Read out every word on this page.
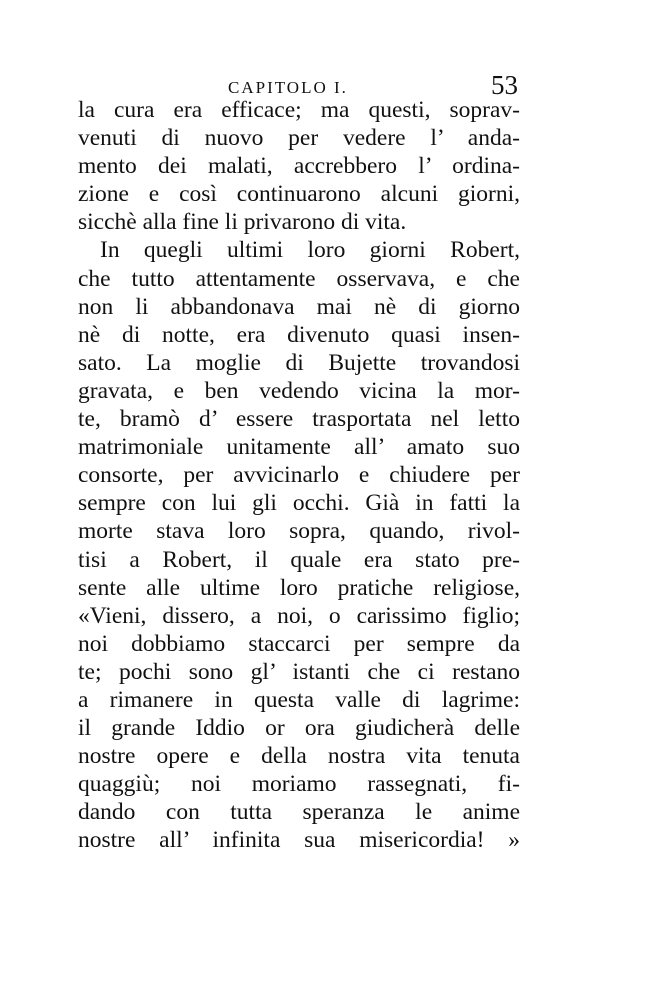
CAPITOLO I.	53
la cura era efficace; ma questi, soprav-
venuti di nuovo per vedere l’ anda-
mento dei malati, accrebbero l’ ordina-
zione e così continuarono alcuni giorni,
sicchè alla fine li privarono di vita.
In quegli ultimi loro giorni Robert,
che tutto attentamente osservava, e che
non li abbandonava mai nè di giorno
nè di notte, era divenuto quasi insen-
sato. La moglie di Bujette trovandosi
gravata, e ben vedendo vicina la mor-
te, bramò d’ essere trasportata nel letto
matrimoniale unitamente all’ amato suo
consorte, per avvicinarlo e chiudere per
sempre con lui gli occhi. Già in fatti la
morte stava loro sopra, quando, rivol-
tisi a Robert, il quale era stato pre-
sente alle ultime loro pratiche religiose,
«Vieni, dissero, a noi, o carissimo figlio;
noi dobbiamo staccarci per sempre da
te; pochi sono gl’ istanti che ci restano
a rimanere in questa valle di lagrime:
il grande Iddio or ora giudicherà delle
nostre opere e della nostra vita tenuta
quaggiù; noi moriamo rassegnati, fi-
dando con tutta speranza le anime
nostre all’ infinita sua misericordia! »
